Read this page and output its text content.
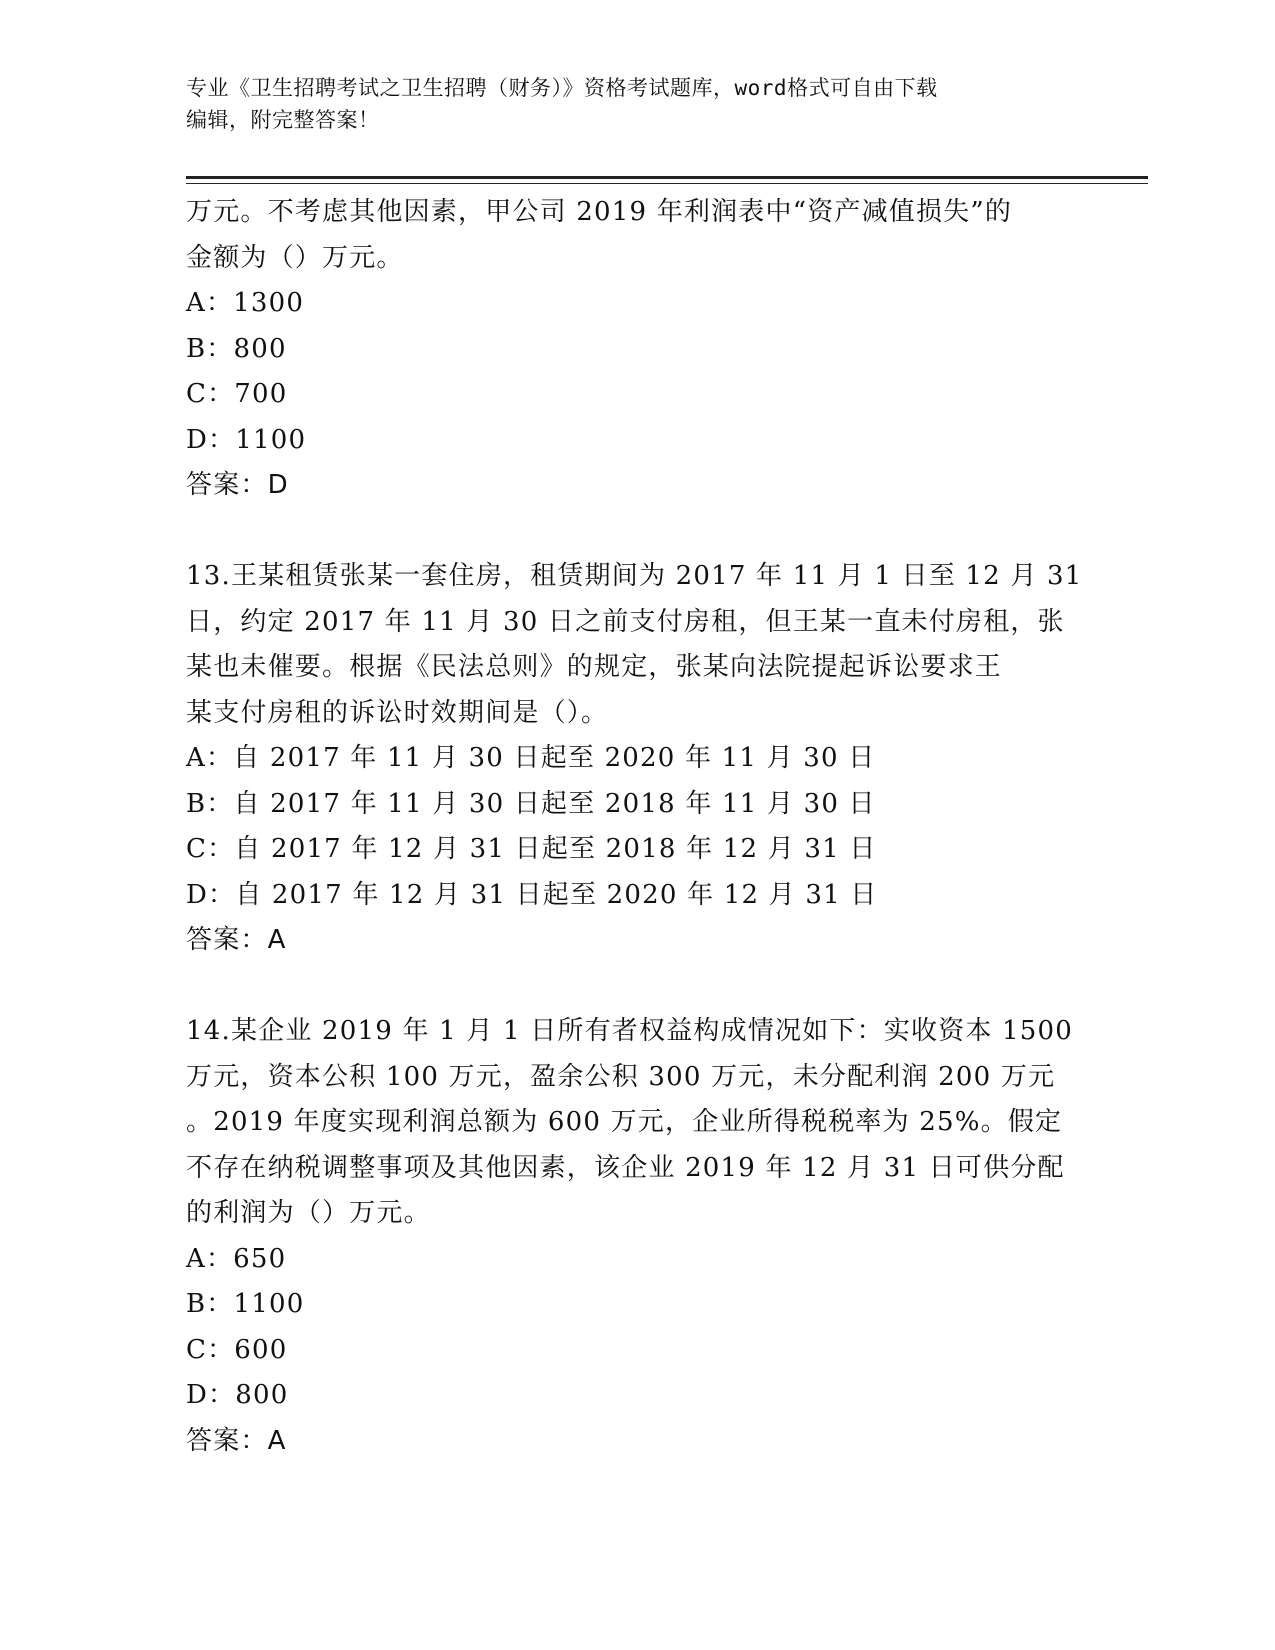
专业《卫生招聘考试之卫生招聘（财务）》资格考试题库，word格式可自由下载
编辑，附完整答案！
万元。不考虑其他因素，甲公司 2019 年利润表中“资产减值损失”的
金额为（）万元。
A：1300
B：800
C：700
D：1100
答案：D
13.王某租赁张某一套住房，租赁期间为 2017 年 11 月 1 日至 12 月 31
日，约定 2017 年 11 月 30 日之前支付房租，但王某一直未付房租，张
某也未催要。根据《民法总则》的规定，张某向法院提起诉讼要求王
某支付房租的诉讼时效期间是（）。
A：自 2017 年 11 月 30 日起至 2020 年 11 月 30 日
B：自 2017 年 11 月 30 日起至 2018 年 11 月 30 日
C：自 2017 年 12 月 31 日起至 2018 年 12 月 31 日
D：自 2017 年 12 月 31 日起至 2020 年 12 月 31 日
答案：A
14.某企业 2019 年 1 月 1 日所有者权益构成情况如下：实收资本 1500
万元，资本公积 100 万元，盈余公积 300 万元，未分配利润 200 万元
。2019 年度实现利润总额为 600 万元，企业所得税税率为 25%。假定
不存在纳税调整事项及其他因素，该企业 2019 年 12 月 31 日可供分配
的利润为（）万元。
A：650
B：1100
C：600
D：800
答案：A
